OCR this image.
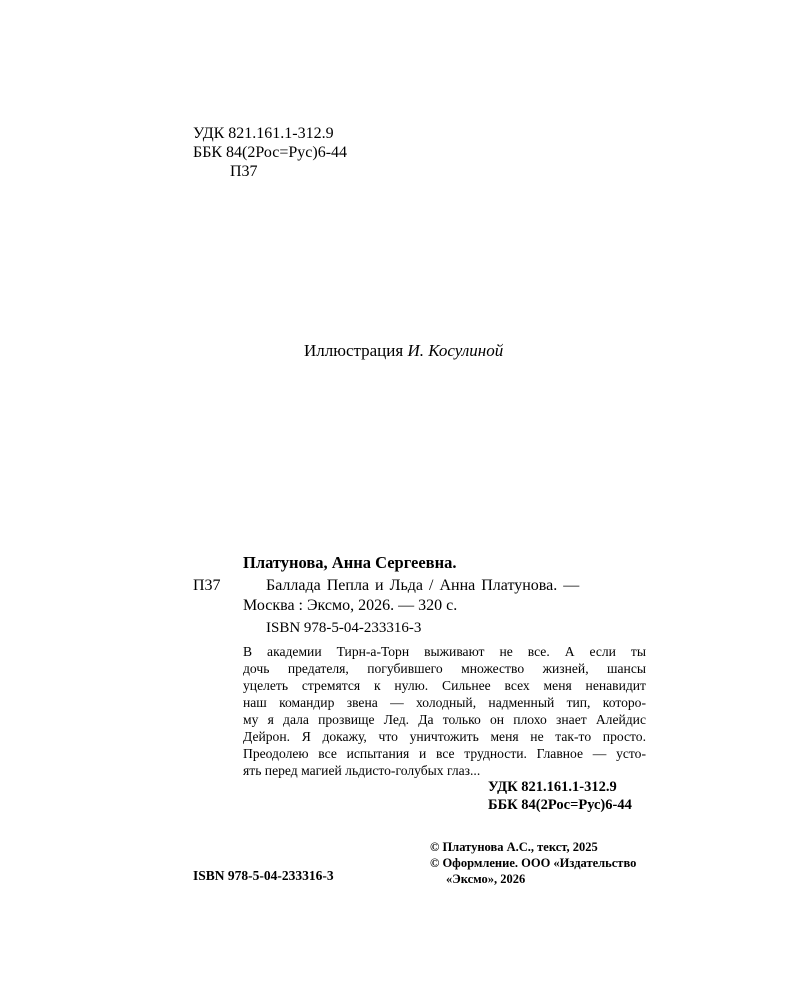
УДК 821.161.1-312.9
ББК 84(2Рос=Рус)6-44
П37
Иллюстрация И. Косулиной
Платунова, Анна Сергеевна.
П37	Баллада Пепла и Льда / Анна Платунова. —
Москва : Эксмо, 2026. — 320 с.
ISBN 978-5-04-233316-3
В академии Тирн-а-Торн выживают не все. А если ты
дочь предателя, погубившего множество жизней, шансы
уцелеть стремятся к нулю. Сильнее всех меня ненавидит
наш командир звена — холодный, надменный тип, которо-
му я дала прозвище Лед. Да только он плохо знает Алейдис
Дейрон. Я докажу, что уничтожить меня не так-то просто.
Преодолею все испытания и все трудности. Главное — усто-
ять перед магией льдисто-голубых глаз...
УДК 821.161.1-312.9
ББК 84(2Рос=Рус)6-44
ISBN 978-5-04-233316-3
© Платунова А.С., текст, 2025
© Оформление. ООО «Издательство
«Эксмо», 2026
